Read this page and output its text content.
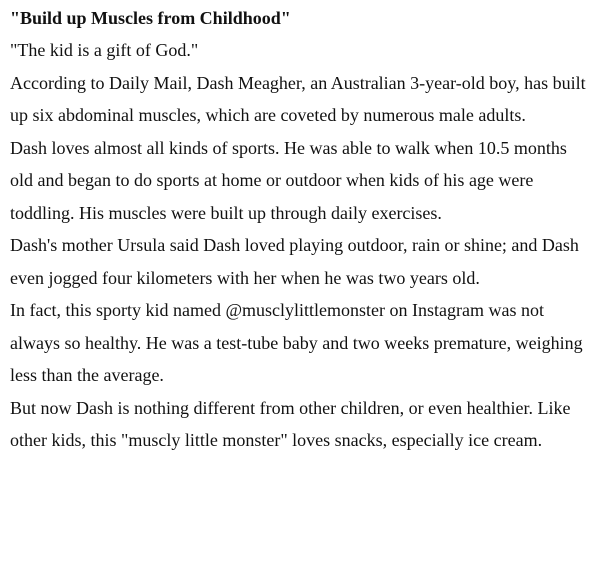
"Build up Muscles from Childhood"

"The kid is a gift of God."

According to Daily Mail, Dash Meagher, an Australian 3-year-old boy, has built up six abdominal muscles, which are coveted by numerous male adults.

Dash loves almost all kinds of sports. He was able to walk when 10.5 months old and began to do sports at home or outdoor when kids of his age were toddling. His muscles were built up through daily exercises.

Dash's mother Ursula said Dash loved playing outdoor, rain or shine; and Dash even jogged four kilometers with her when he was two years old.

In fact, this sporty kid named @musclylittlemonster on Instagram was not always so healthy. He was a test-tube baby and two weeks premature, weighing less than the average.

But now Dash is nothing different from other children, or even healthier. Like other kids, this "muscly little monster" loves snacks, especially ice cream.
